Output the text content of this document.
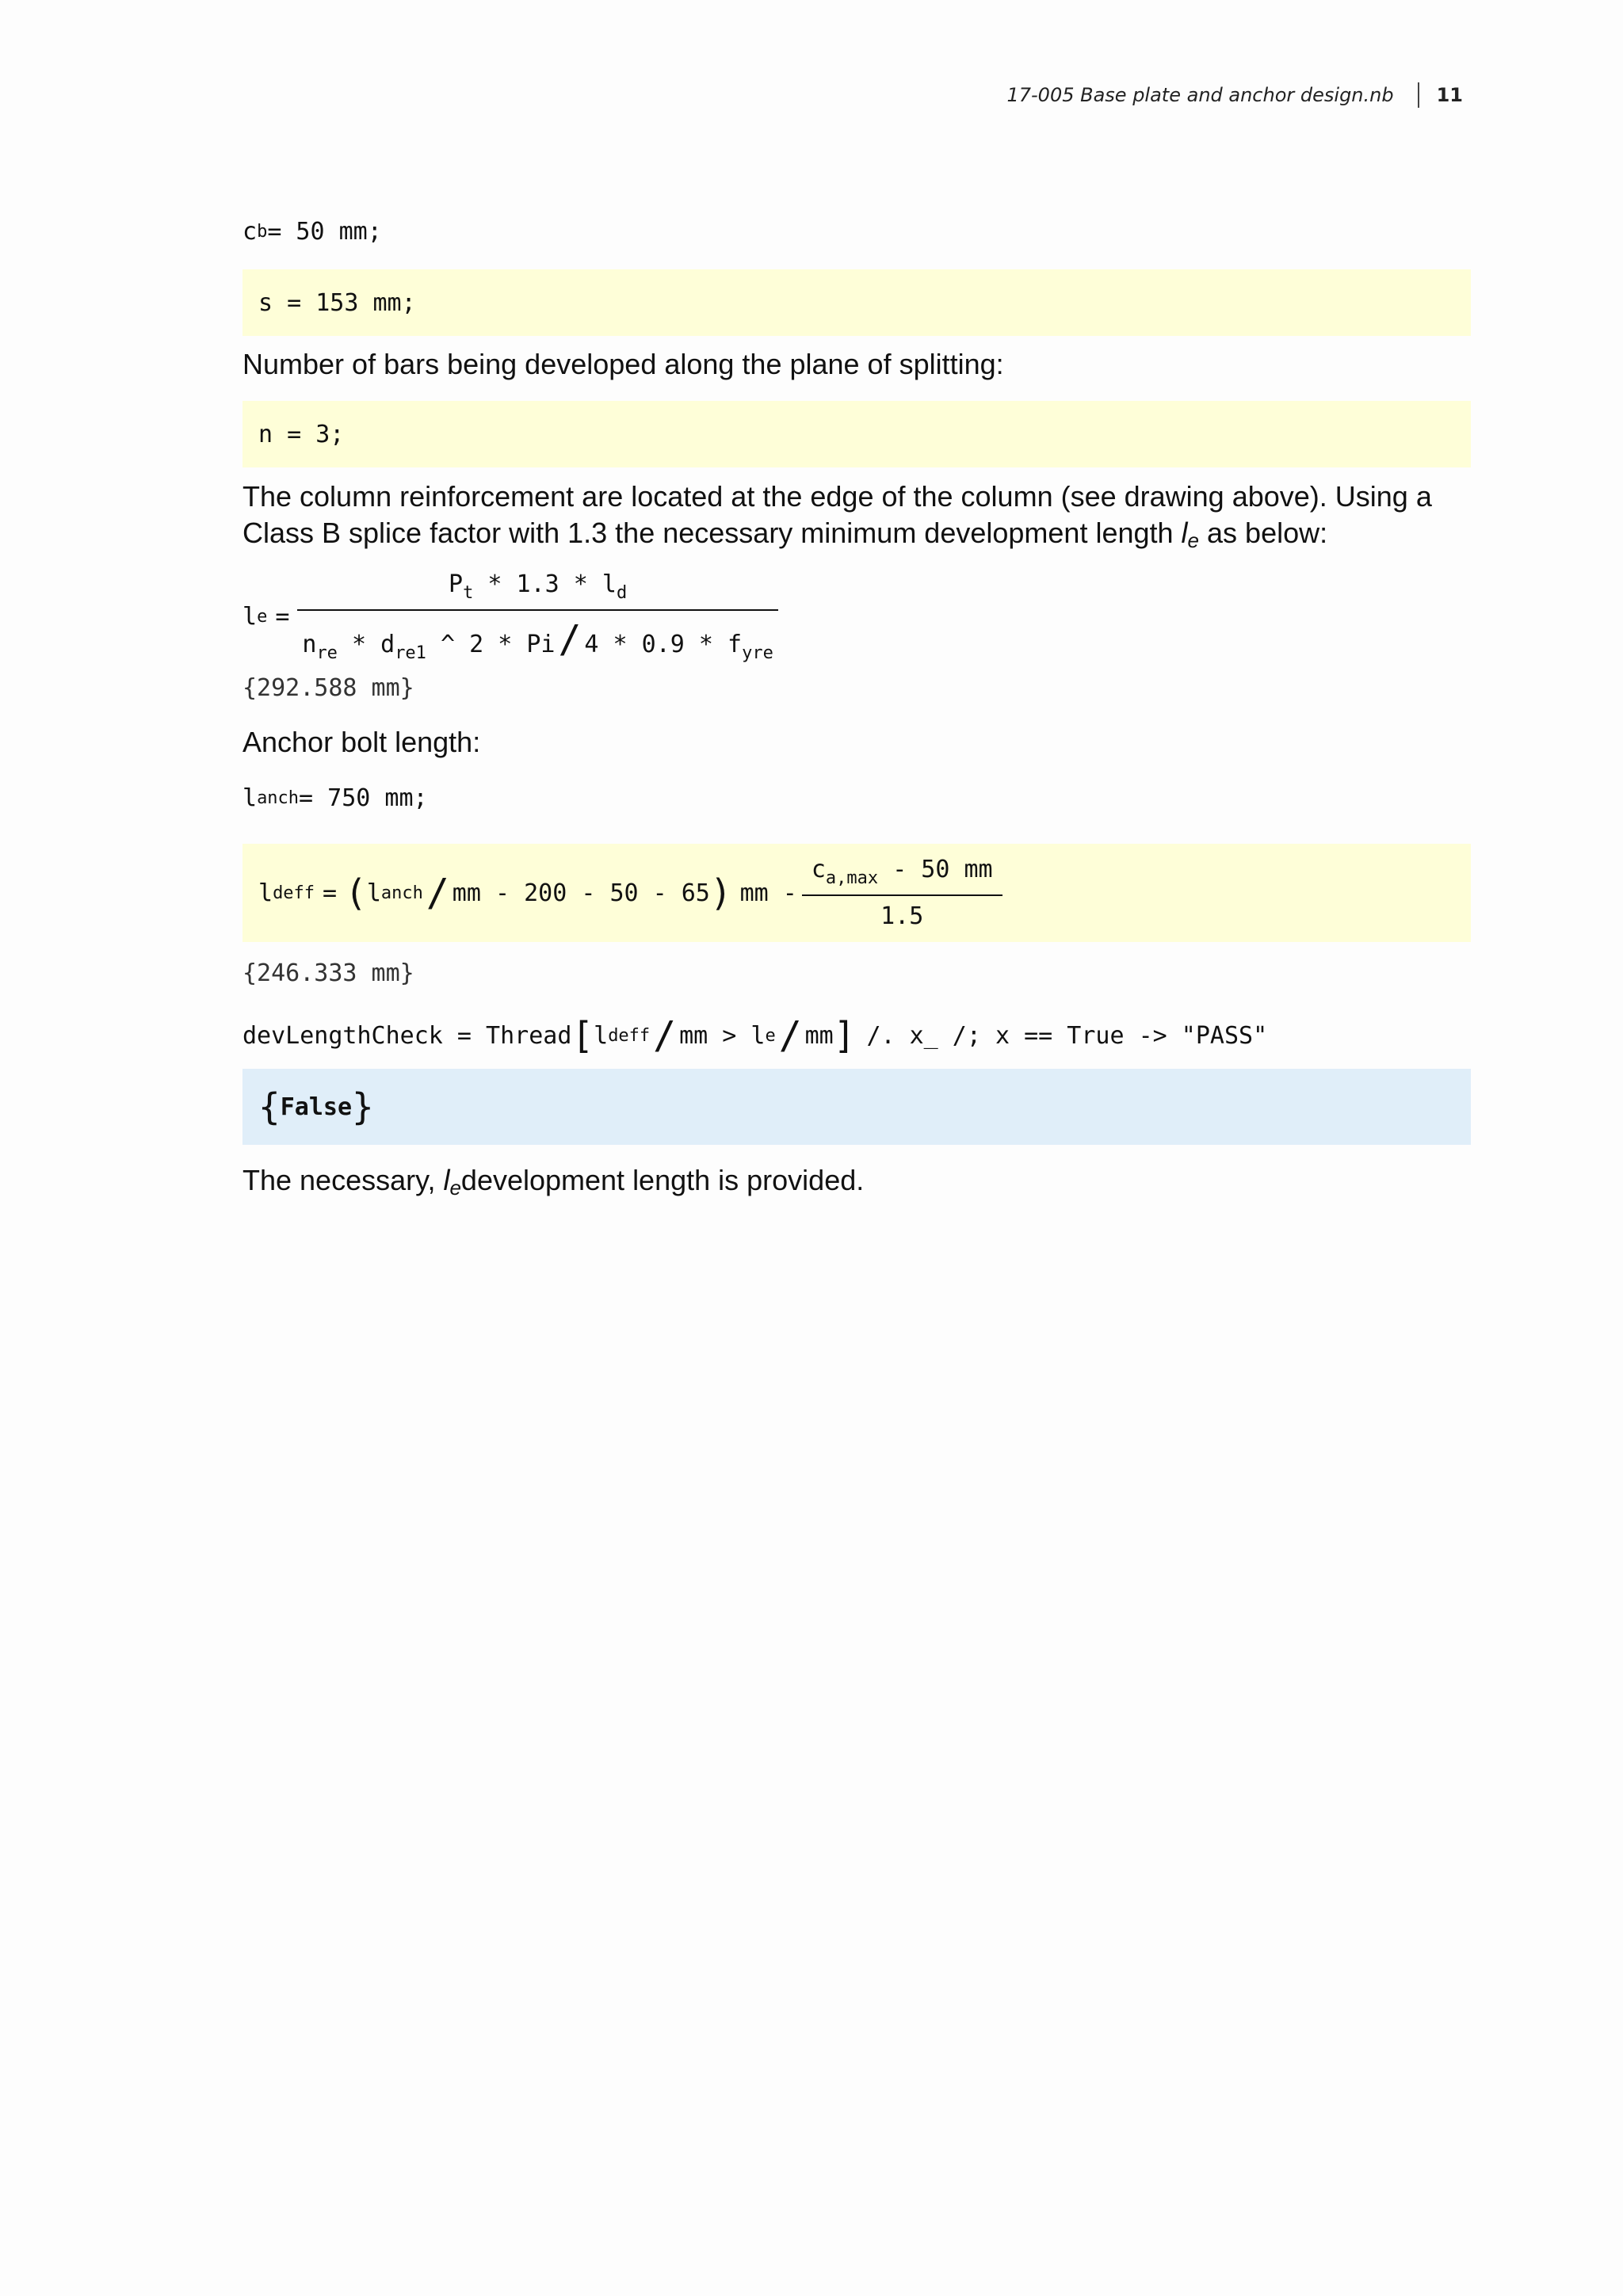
17-005 Base plate and anchor design.nb 11
c b = 50 mm;
s = 153 mm;
Number of bars being developed along the plane of splitting:
n = 3;
The column reinforcement are located at the edge of the column (see drawing above). Using a
Class B splice factor with 1.3 the necessary minimum development length $l_e$ as below:
l $e = \frac{P_t * 1.3 * l_d}{n_{re} * d_{re1} \^{} 2 * Pi/ 4 * 0.9 * f_{yre}}$
{292.588 mm}
Anchor bolt length:
l anch = 750 mm;
l deff = ( l anch / mm - 200 - 50 - 65 ) mm - $\frac{c_{a,max} - 50 mm}{1.5}$
{246.333 mm}
devLengthCheck = Thread [ l deff / mm > l e / mm ] /. x_ /; x == True -> "PASS"
{ False }
The necessary, $l_edevelopment$ length is provided.
